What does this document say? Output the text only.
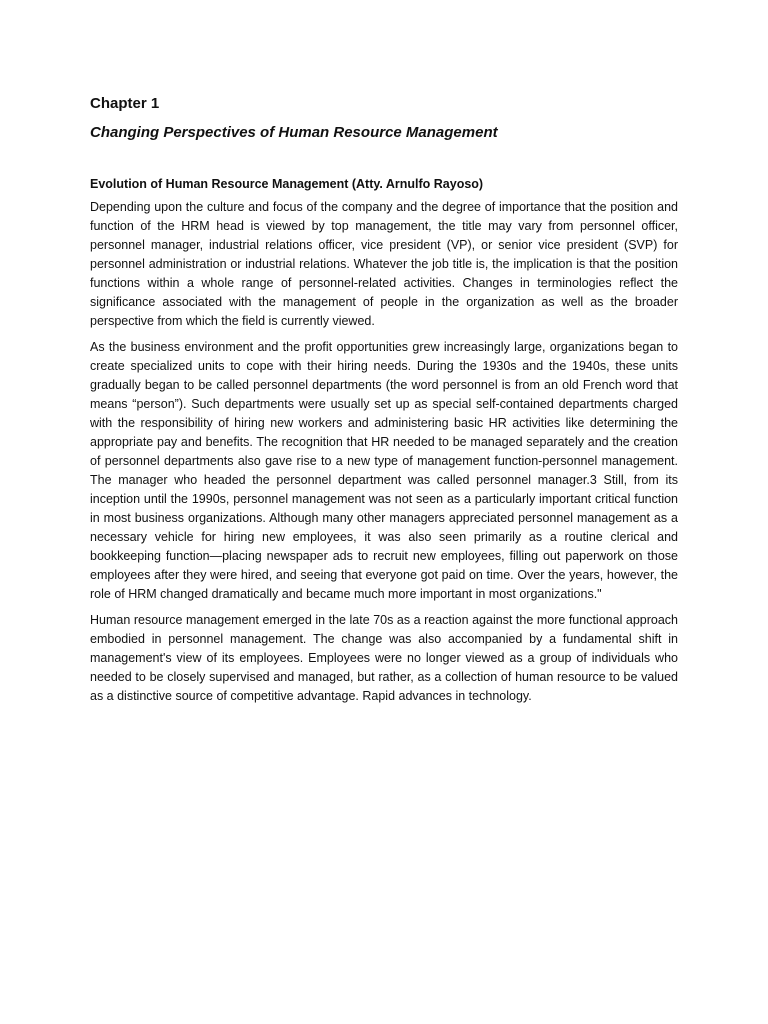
Chapter 1
Changing Perspectives of Human Resource Management
Evolution of Human Resource Management (Atty. Arnulfo Rayoso)

Depending upon the culture and focus of the company and the degree of importance that the position and function of the HRM head is viewed by top management, the title may vary from personnel officer, personnel manager, industrial relations officer, vice president (VP), or senior vice president (SVP) for personnel administration or industrial relations. Whatever the job title is, the implication is that the position functions within a whole range of personnel-related activities. Changes in terminologies reflect the significance associated with the management of people in the organization as well as the broader perspective from which the field is currently viewed.

As the business environment and the profit opportunities grew increasingly large, organizations began to create specialized units to cope with their hiring needs. During the 1930s and the 1940s, these units gradually began to be called personnel departments (the word personnel is from an old French word that means “person”). Such departments were usually set up as special self-contained departments charged with the responsibility of hiring new workers and administering basic HR activities like determining the appropriate pay and benefits. The recognition that HR needed to be managed separately and the creation of personnel departments also gave rise to a new type of management function-personnel management. The manager who headed the personnel department was called personnel manager.3 Still, from its inception until the 1990s, personnel management was not seen as a particularly important critical function in most business organizations. Although many other managers appreciated personnel management as a necessary vehicle for hiring new employees, it was also seen primarily as a routine clerical and bookkeeping function—placing newspaper ads to recruit new employees, filling out paperwork on those employees after they were hired, and seeing that everyone got paid on time. Over the years, however, the role of HRM changed dramatically and became much more important in most organizations."

Human resource management emerged in the late 70s as a reaction against the more functional approach embodied in personnel management. The change was also accompanied by a fundamental shift in management's view of its employees. Employees were no longer viewed as a group of individuals who needed to be closely supervised and managed, but rather, as a collection of human resource to be valued as a distinctive source of competitive advantage. Rapid advances in technology.
